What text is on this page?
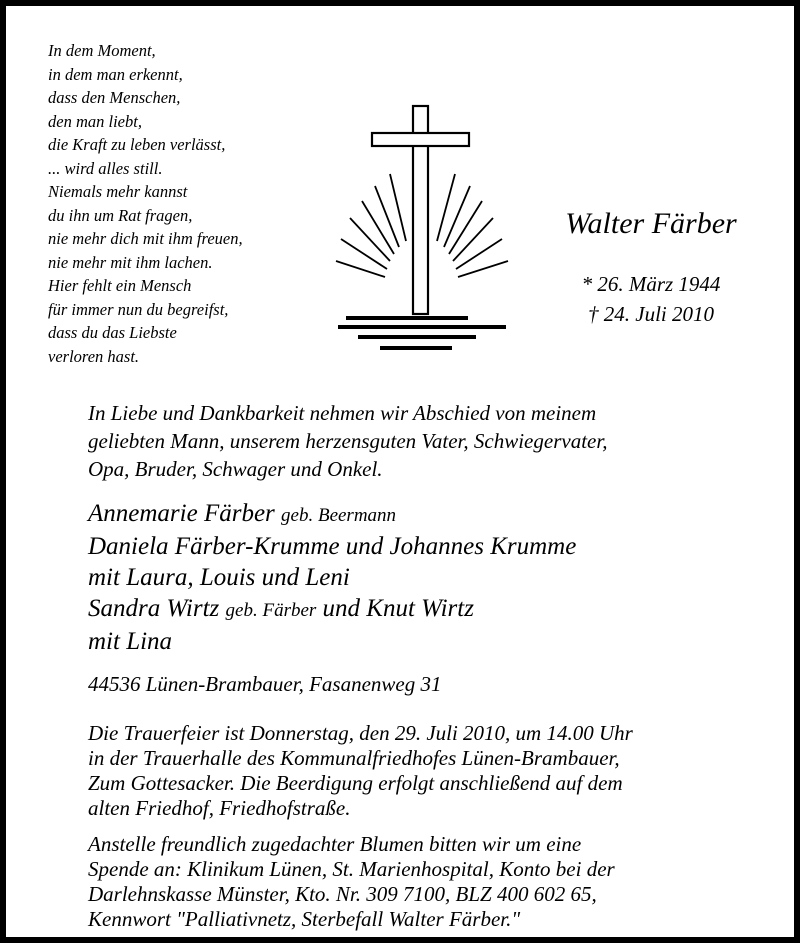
In dem Moment,
in dem man erkennt,
dass den Menschen,
den man liebt,
die Kraft zu leben verlässt,
... wird alles still.
Niemals mehr kannst
du ihn um Rat fragen,
nie mehr dich mit ihm freuen,
nie mehr mit ihm lachen.
Hier fehlt ein Mensch
für immer nun du begreifst,
dass du das Liebste
verloren hast.
Walter Färber
* 26. März 1944
† 24. Juli 2010
In Liebe und Dankbarkeit nehmen wir Abschied von meinem
geliebten Mann, unserem herzensguten Vater, Schwiegervater,
Opa, Bruder, Schwager und Onkel.
Annemarie Färber geb. Beermann
Daniela Färber-Krumme und Johannes Krumme
mit Laura, Louis und Leni
Sandra Wirtz geb. Färber und Knut Wirtz
mit Lina
44536 Lünen-Brambauer, Fasanenweg 31
Die Trauerfeier ist Donnerstag, den 29. Juli 2010, um 14.00 Uhr
in der Trauerhalle des Kommunalfriedhofes Lünen-Brambauer,
Zum Gottesacker. Die Beerdigung erfolgt anschließend auf dem
alten Friedhof, Friedhofstraße.
Anstelle freundlich zugedachter Blumen bitten wir um eine
Spende an: Klinikum Lünen, St. Marienhospital, Konto bei der
Darlehnskasse Münster, Kto. Nr. 309 7100, BLZ 400 602 65,
Kennwort "Palliativnetz, Sterbefall Walter Färber."
